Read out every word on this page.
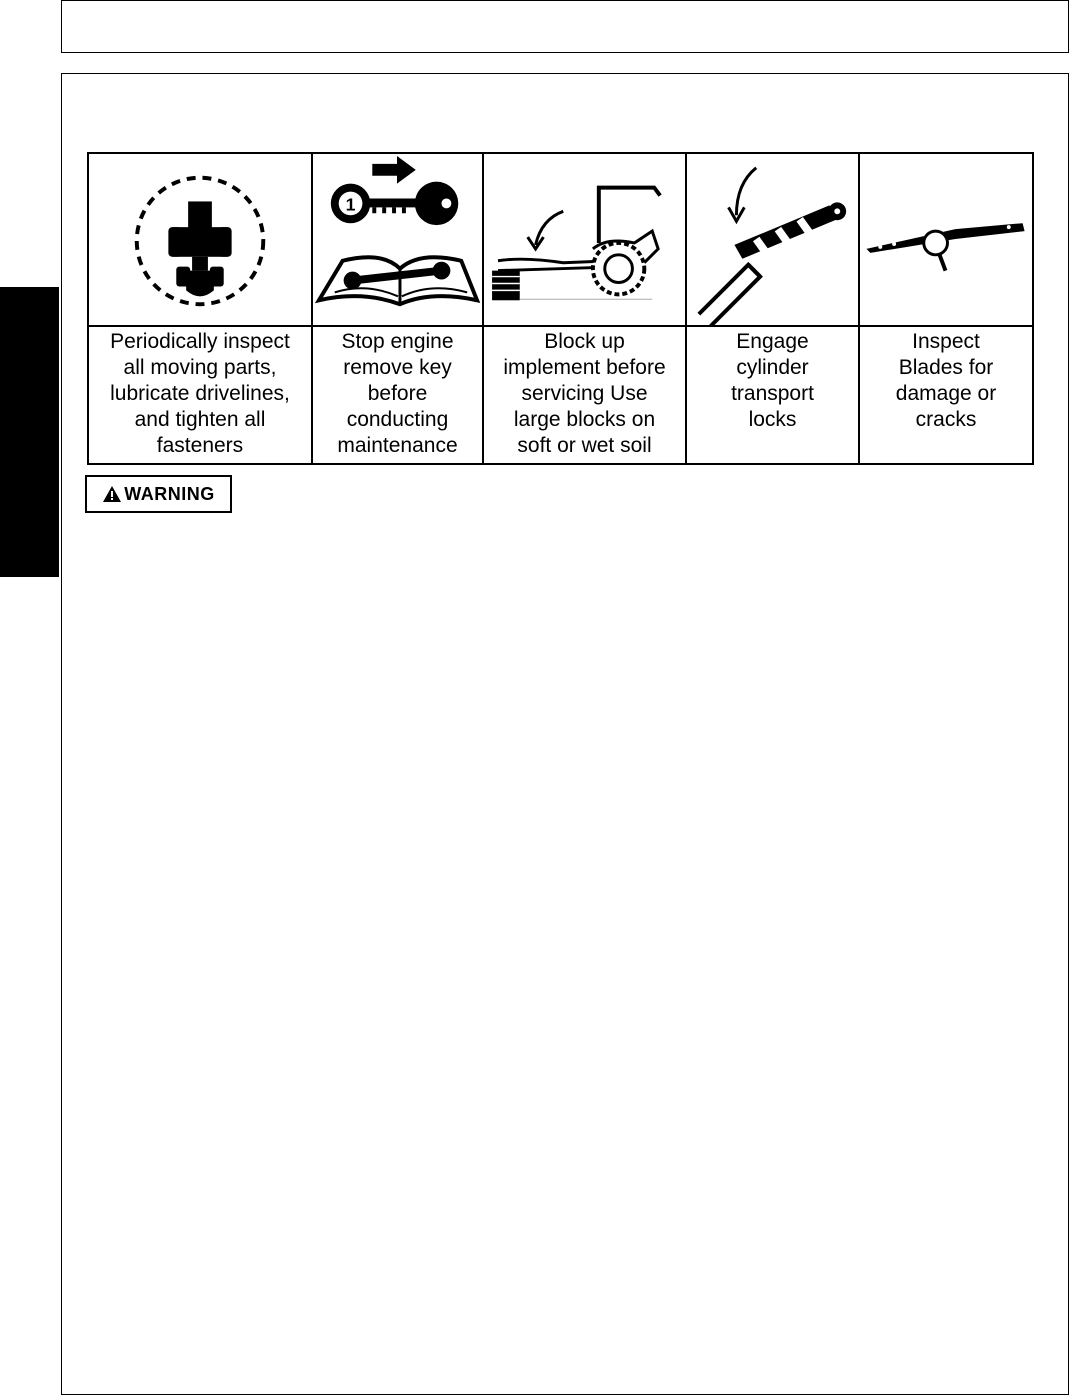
1
Periodically inspect
all moving parts,
lubricate drivelines,
and tighten all
fasteners
Stop engine
remove key
before
conducting
maintenance
Block up
implement before
servicing Use
large blocks on
soft or wet soil
Engage
cylinder
transport
locks
Inspect
Blades for
damage or
cracks
WARNING
